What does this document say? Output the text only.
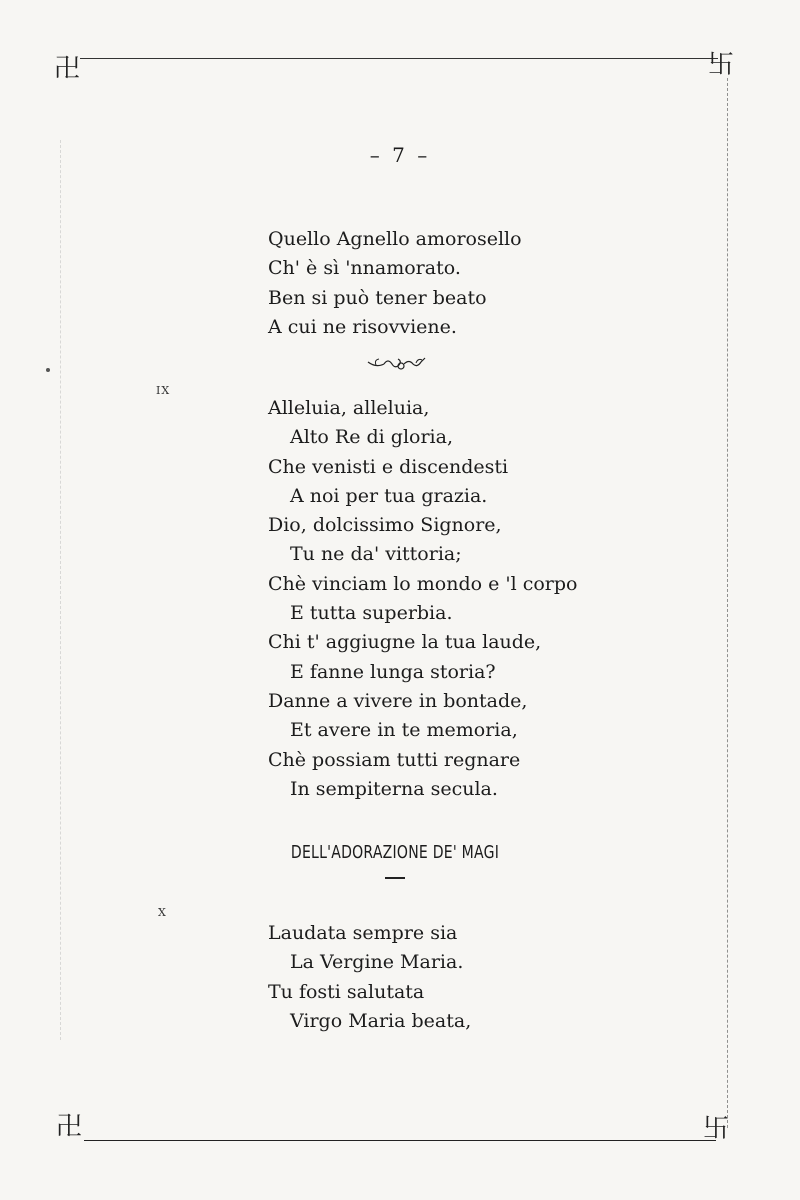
卍	卐
卍	卐
– 7 –
Quello Agnello amorosello
Ch' è sì 'nnamorato.
Ben si può tener beato
A cui ne risovviene.
IX
Alleluia, alleluia,
Alto Re di gloria,
Che venisti e discendesti
A noi per tua grazia.
Dio, dolcissimo Signore,
Tu ne da' vittoria;
Chè vinciam lo mondo e 'l corpo
E tutta superbia.
Chi t' aggiugne la tua laude,
E fanne lunga storia?
Danne a vivere in bontade,
Et avere in te memoria,
Chè possiam tutti regnare
In sempiterna secula.
DELL'ADORAZIONE DE' MAGI
X
Laudata sempre sia
La Vergine Maria.
Tu fosti salutata
Virgo Maria beata,
